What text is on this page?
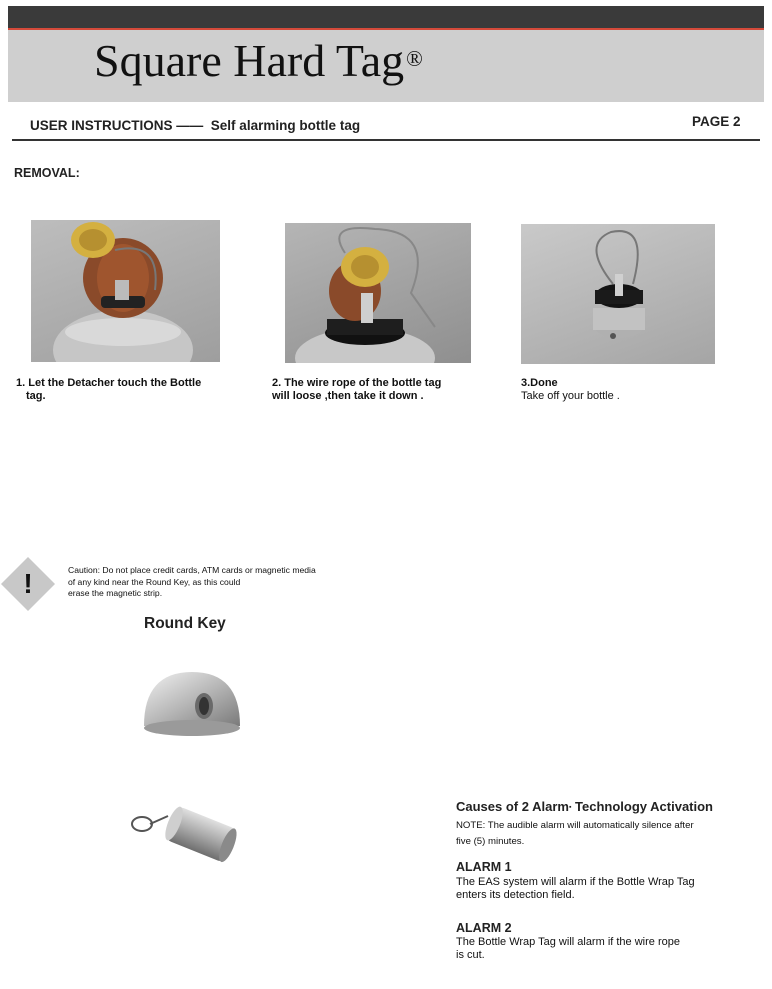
Square Hard Tag®
USER INSTRUCTIONS —— Self alarming bottle tag	PAGE 2
REMOVAL:
1. Let the Detacher touch the Bottle
tag.
2. The wire rope of the bottle tag
will loose ,then take it down .
3.Done
Take off your bottle .
!	Caution: Do not place credit cards, ATM cards or magnetic media
of any kind near the Round Key, as this could
erase the magnetic strip.
Round Key
Causes of 2 Alarm▪ Technology Activation
NOTE: The audible alarm will automatically silence after
five (5) minutes.
ALARM 1
The EAS system will alarm if the Bottle Wrap Tag
enters its detection field.
ALARM 2
The Bottle Wrap Tag will alarm if the wire rope
is cut.
